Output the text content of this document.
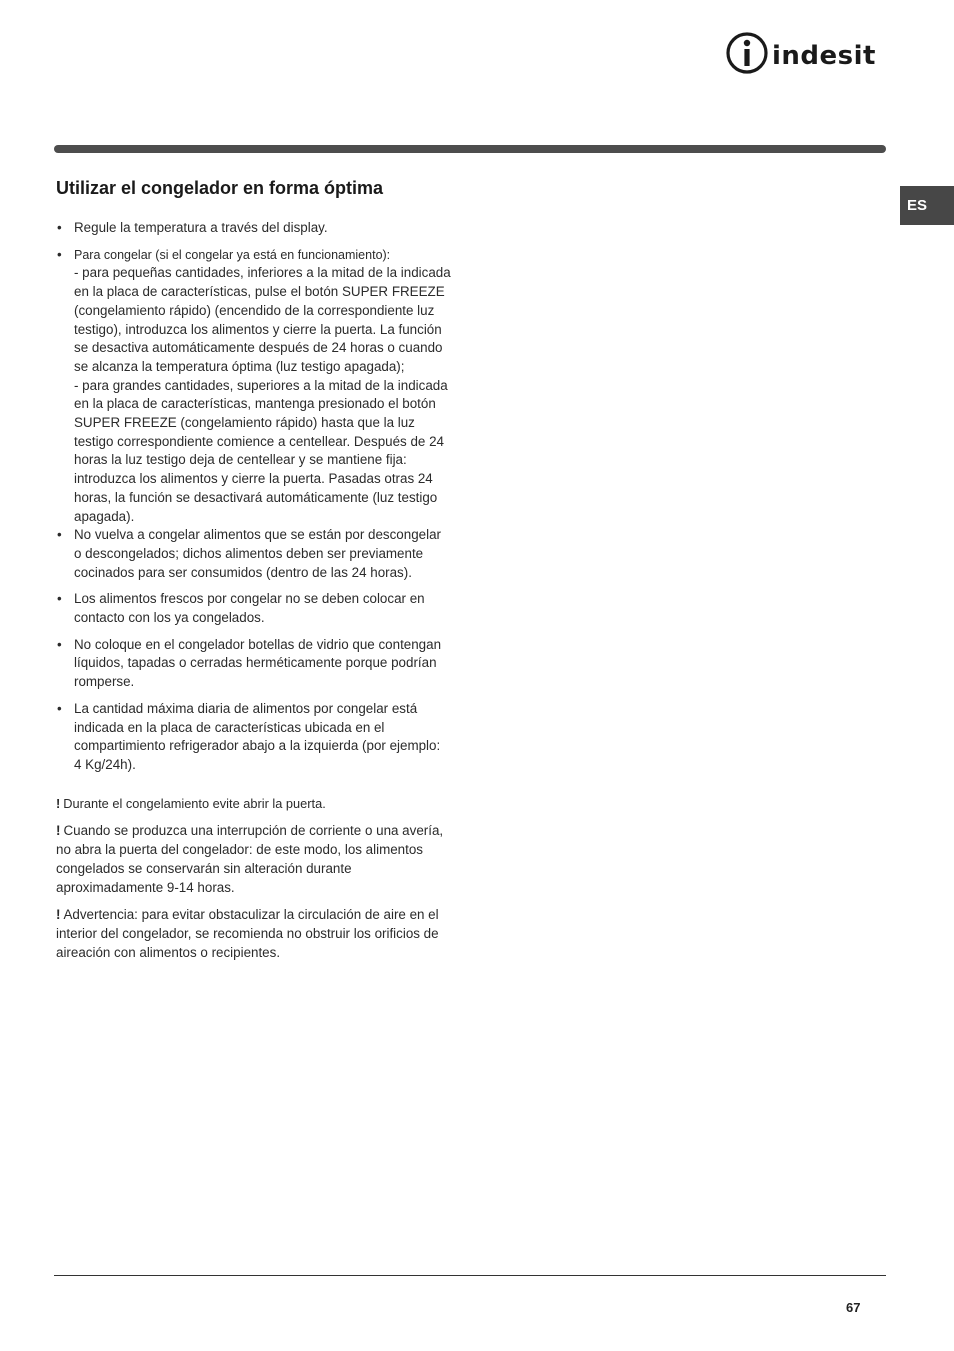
indesit
ES
Utilizar el congelador en forma óptima
• Regule la temperatura a través del display.
• Para congelar (si el congelar ya está en funcionamiento):
- para pequeñas cantidades, inferiores a la mitad de la indicada en la placa de características, pulse el botón SUPER FREEZE (congelamiento rápido) (encendido de la correspondiente luz testigo), introduzca los alimentos y cierre la puerta. La función se desactiva automáticamente después de 24 horas o cuando se alcanza la temperatura óptima (luz testigo apagada);
- para grandes cantidades, superiores a la mitad de la indicada en la placa de características, mantenga presionado el botón SUPER FREEZE (congelamiento rápido) hasta que la luz testigo correspondiente comience a centellear. Después de 24 horas la luz testigo deja de centellear y se mantiene fija: introduzca los alimentos y cierre la puerta. Pasadas otras 24 horas, la función se desactivará automáticamente (luz testigo apagada).
• No vuelva a congelar alimentos que se están por descongelar o descongelados; dichos alimentos deben ser previamente cocinados para ser consumidos (dentro de las 24 horas).
• Los alimentos frescos por congelar no se deben colocar en contacto con los ya congelados.
• No coloque en el congelador botellas de vidrio que contengan líquidos, tapadas o cerradas herméticamente porque podrían romperse.
• La cantidad máxima diaria de alimentos por congelar está indicada en la placa de características ubicada en el compartimiento refrigerador abajo a la izquierda (por ejemplo: 4 Kg/24h).

! Durante el congelamiento evite abrir la puerta.

! Cuando se produzca una interrupción de corriente o una avería, no abra la puerta del congelador: de este modo, los alimentos congelados se conservarán sin alteración durante aproximadamente 9-14 horas.

! Advertencia: para evitar obstaculizar la circulación de aire en el interior del congelador, se recomienda no obstruir los orificios de aireación con alimentos o recipientes.

67
